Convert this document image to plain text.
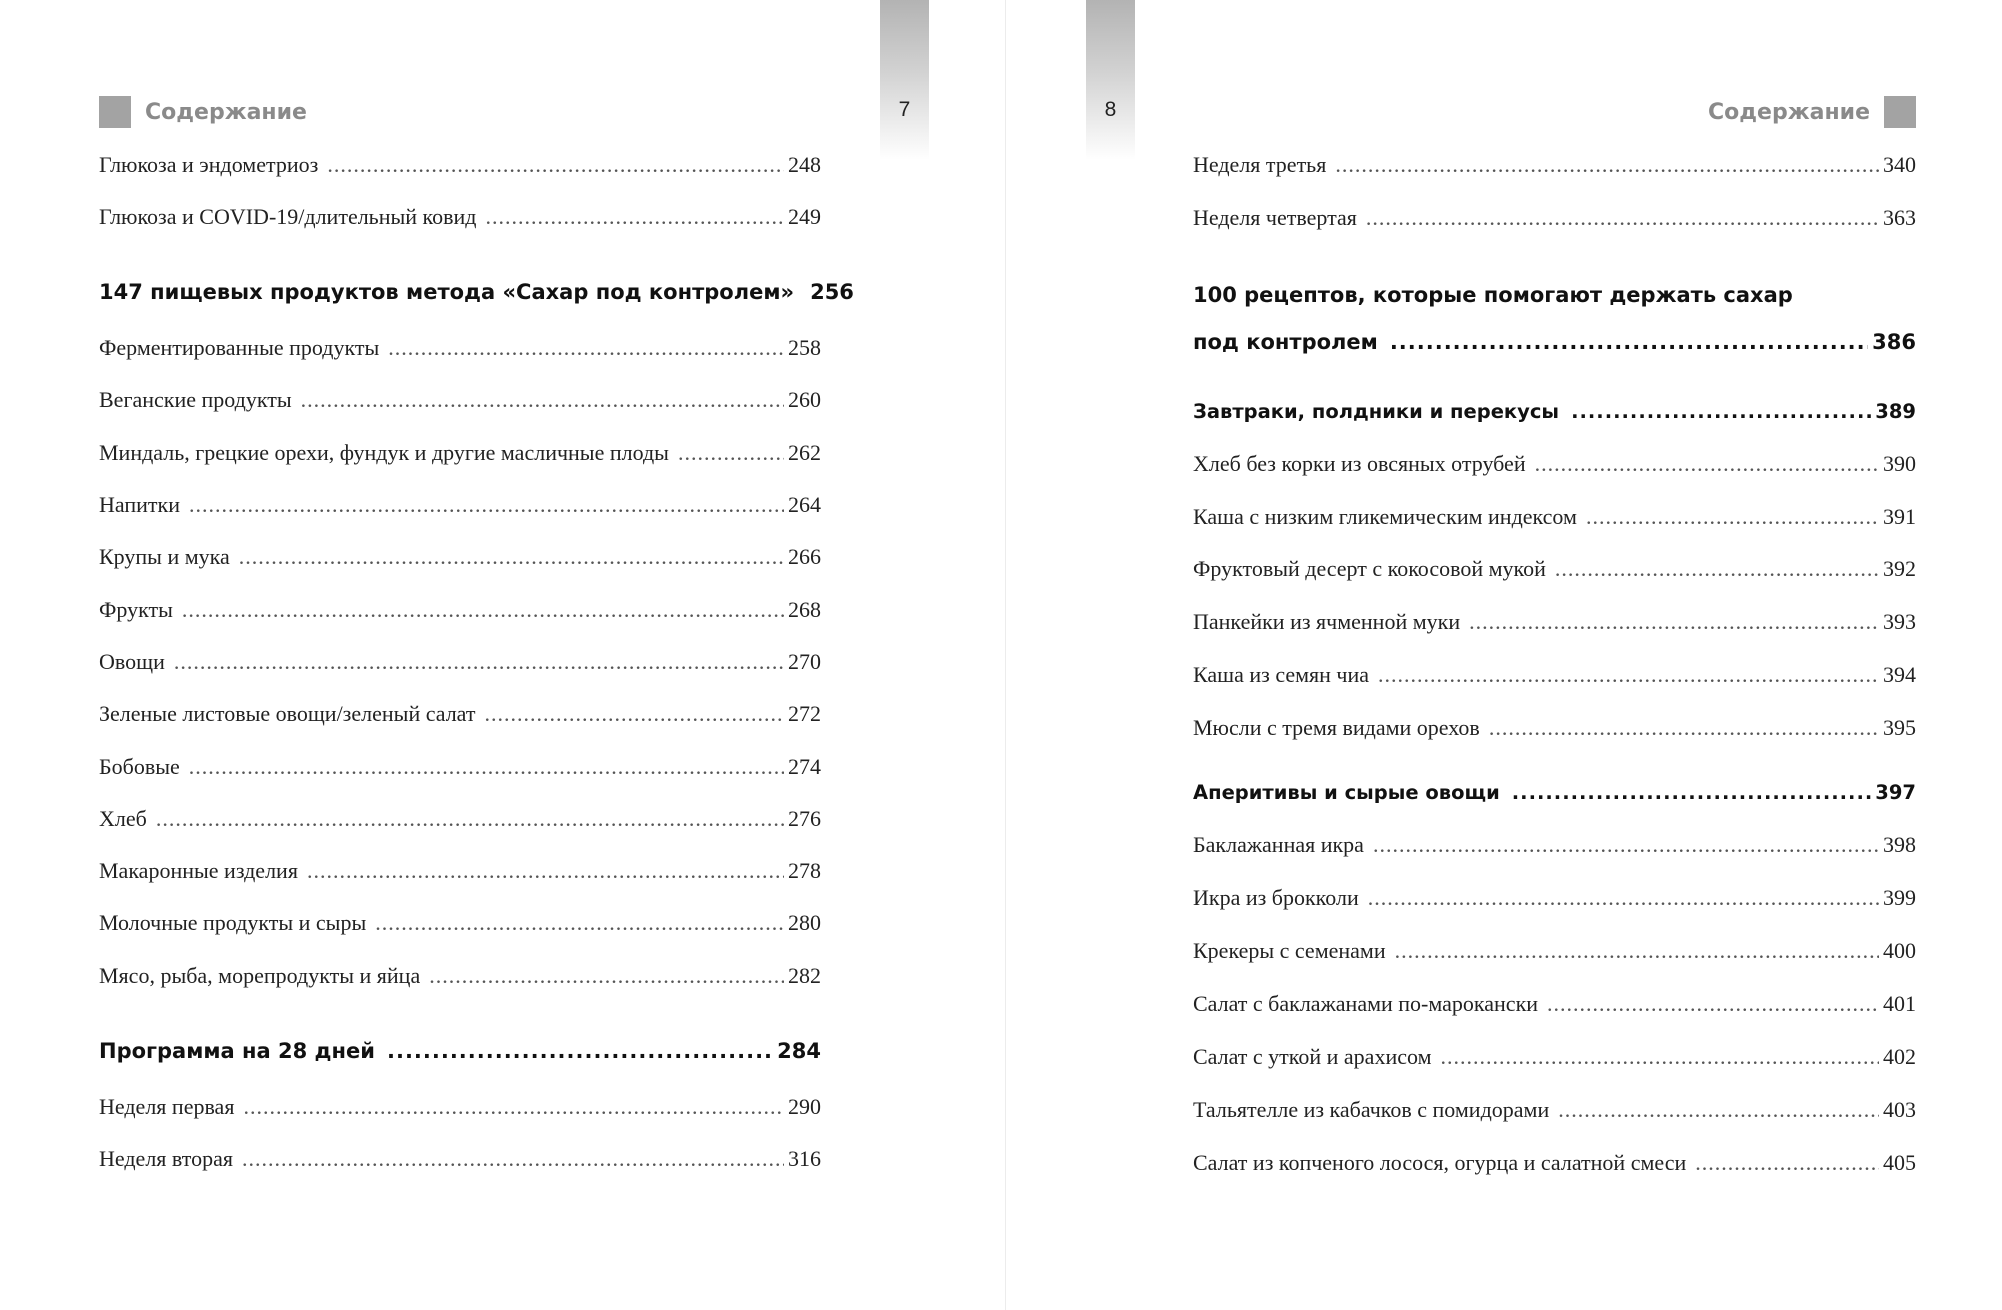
7
Содержание
Глюкоза и эндометриоз .....	248
Глюкоза и COVID-19/длительный ковид .....	249
147 пищевых продуктов метода «Сахар под контролем» 256
Ферментированные продукты .....	258
Веганские продукты .....	260
Миндаль, грецкие орехи, фундук и другие масличные плоды .....	262
Напитки .....	264
Крупы и мука .....	266
Фрукты .....	268
Овощи .....	270
Зеленые листовые овощи/зеленый салат .....	272
Бобовые .....	274
Хлеб .....	276
Макаронные изделия .....	278
Молочные продукты и сыры .....	280
Мясо, рыба, морепродукты и яйца .....	282
Программа на 28 дней .....	284
Неделя первая .....	290
Неделя вторая .....	316
8	Содержание
Неделя третья .....	340
Неделя четвертая .....	363
100 рецептов, которые помогают держать сахар
под контролем .....	386
Завтраки, полдники и перекусы .....	389
Хлеб без корки из овсяных отрубей .....	390
Каша с низким гликемическим индексом .....	391
Фруктовый десерт с кокосовой мукой .....	392
Панкейки из ячменной муки .....	393
Каша из семян чиа .....	394
Мюсли с тремя видами орехов .....	395
Аперитивы и сырые овощи .....	397
Баклажанная икра .....	398
Икра из брокколи .....	399
Крекеры с семенами .....	400
Салат с баклажанами по-марокански .....	401
Салат с уткой и арахисом .....	402
Тальятелле из кабачков с помидорами .....	403
Салат из копченого лосося, огурца и салатной смеси .....	405
